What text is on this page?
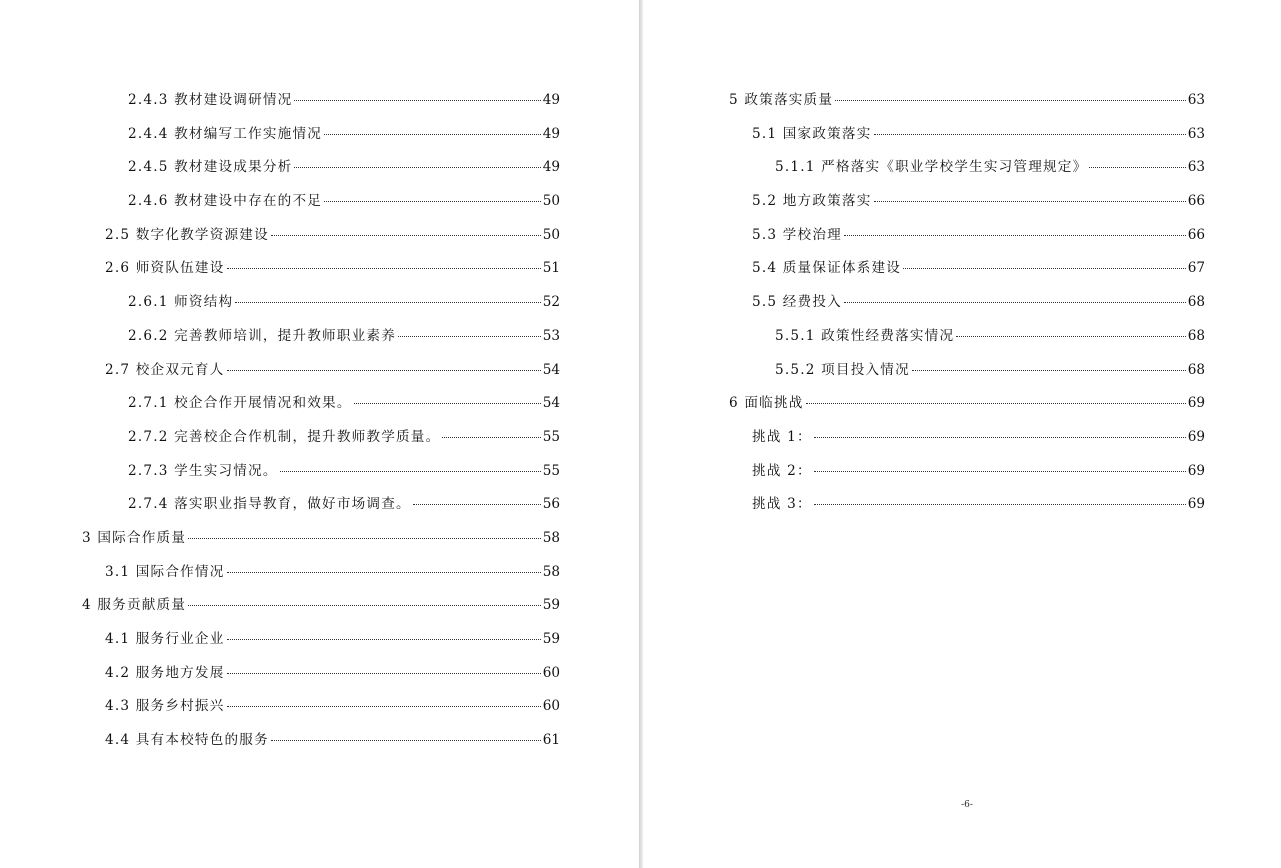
2.4.3 教材建设调研情况	49
2.4.4 教材编写工作实施情况	49
2.4.5 教材建设成果分析	49
2.4.6 教材建设中存在的不足	50
2.5 数字化教学资源建设	50
2.6 师资队伍建设	51
2.6.1 师资结构	52
2.6.2 完善教师培训，提升教师职业素养	53
2.7 校企双元育人	54
2.7.1 校企合作开展情况和效果。	54
2.7.2 完善校企合作机制，提升教师教学质量。	55
2.7.3 学生实习情况。	55
2.7.4 落实职业指导教育，做好市场调查。	56
3 国际合作质量	58
3.1 国际合作情况	58
4 服务贡献质量	59
4.1 服务行业企业	59
4.2 服务地方发展	60
4.3 服务乡村振兴	60
4.4 具有本校特色的服务	61
5 政策落实质量	63
5.1 国家政策落实	63
5.1.1 严格落实《职业学校学生实习管理规定》	63
5.2 地方政策落实	66
5.3 学校治理	66
5.4 质量保证体系建设	67
5.5 经费投入	68
5.5.1 政策性经费落实情况	68
5.5.2 项目投入情况	68
6 面临挑战	69
挑战 1：	69
挑战 2：	69
挑战 3：	69
-6-
